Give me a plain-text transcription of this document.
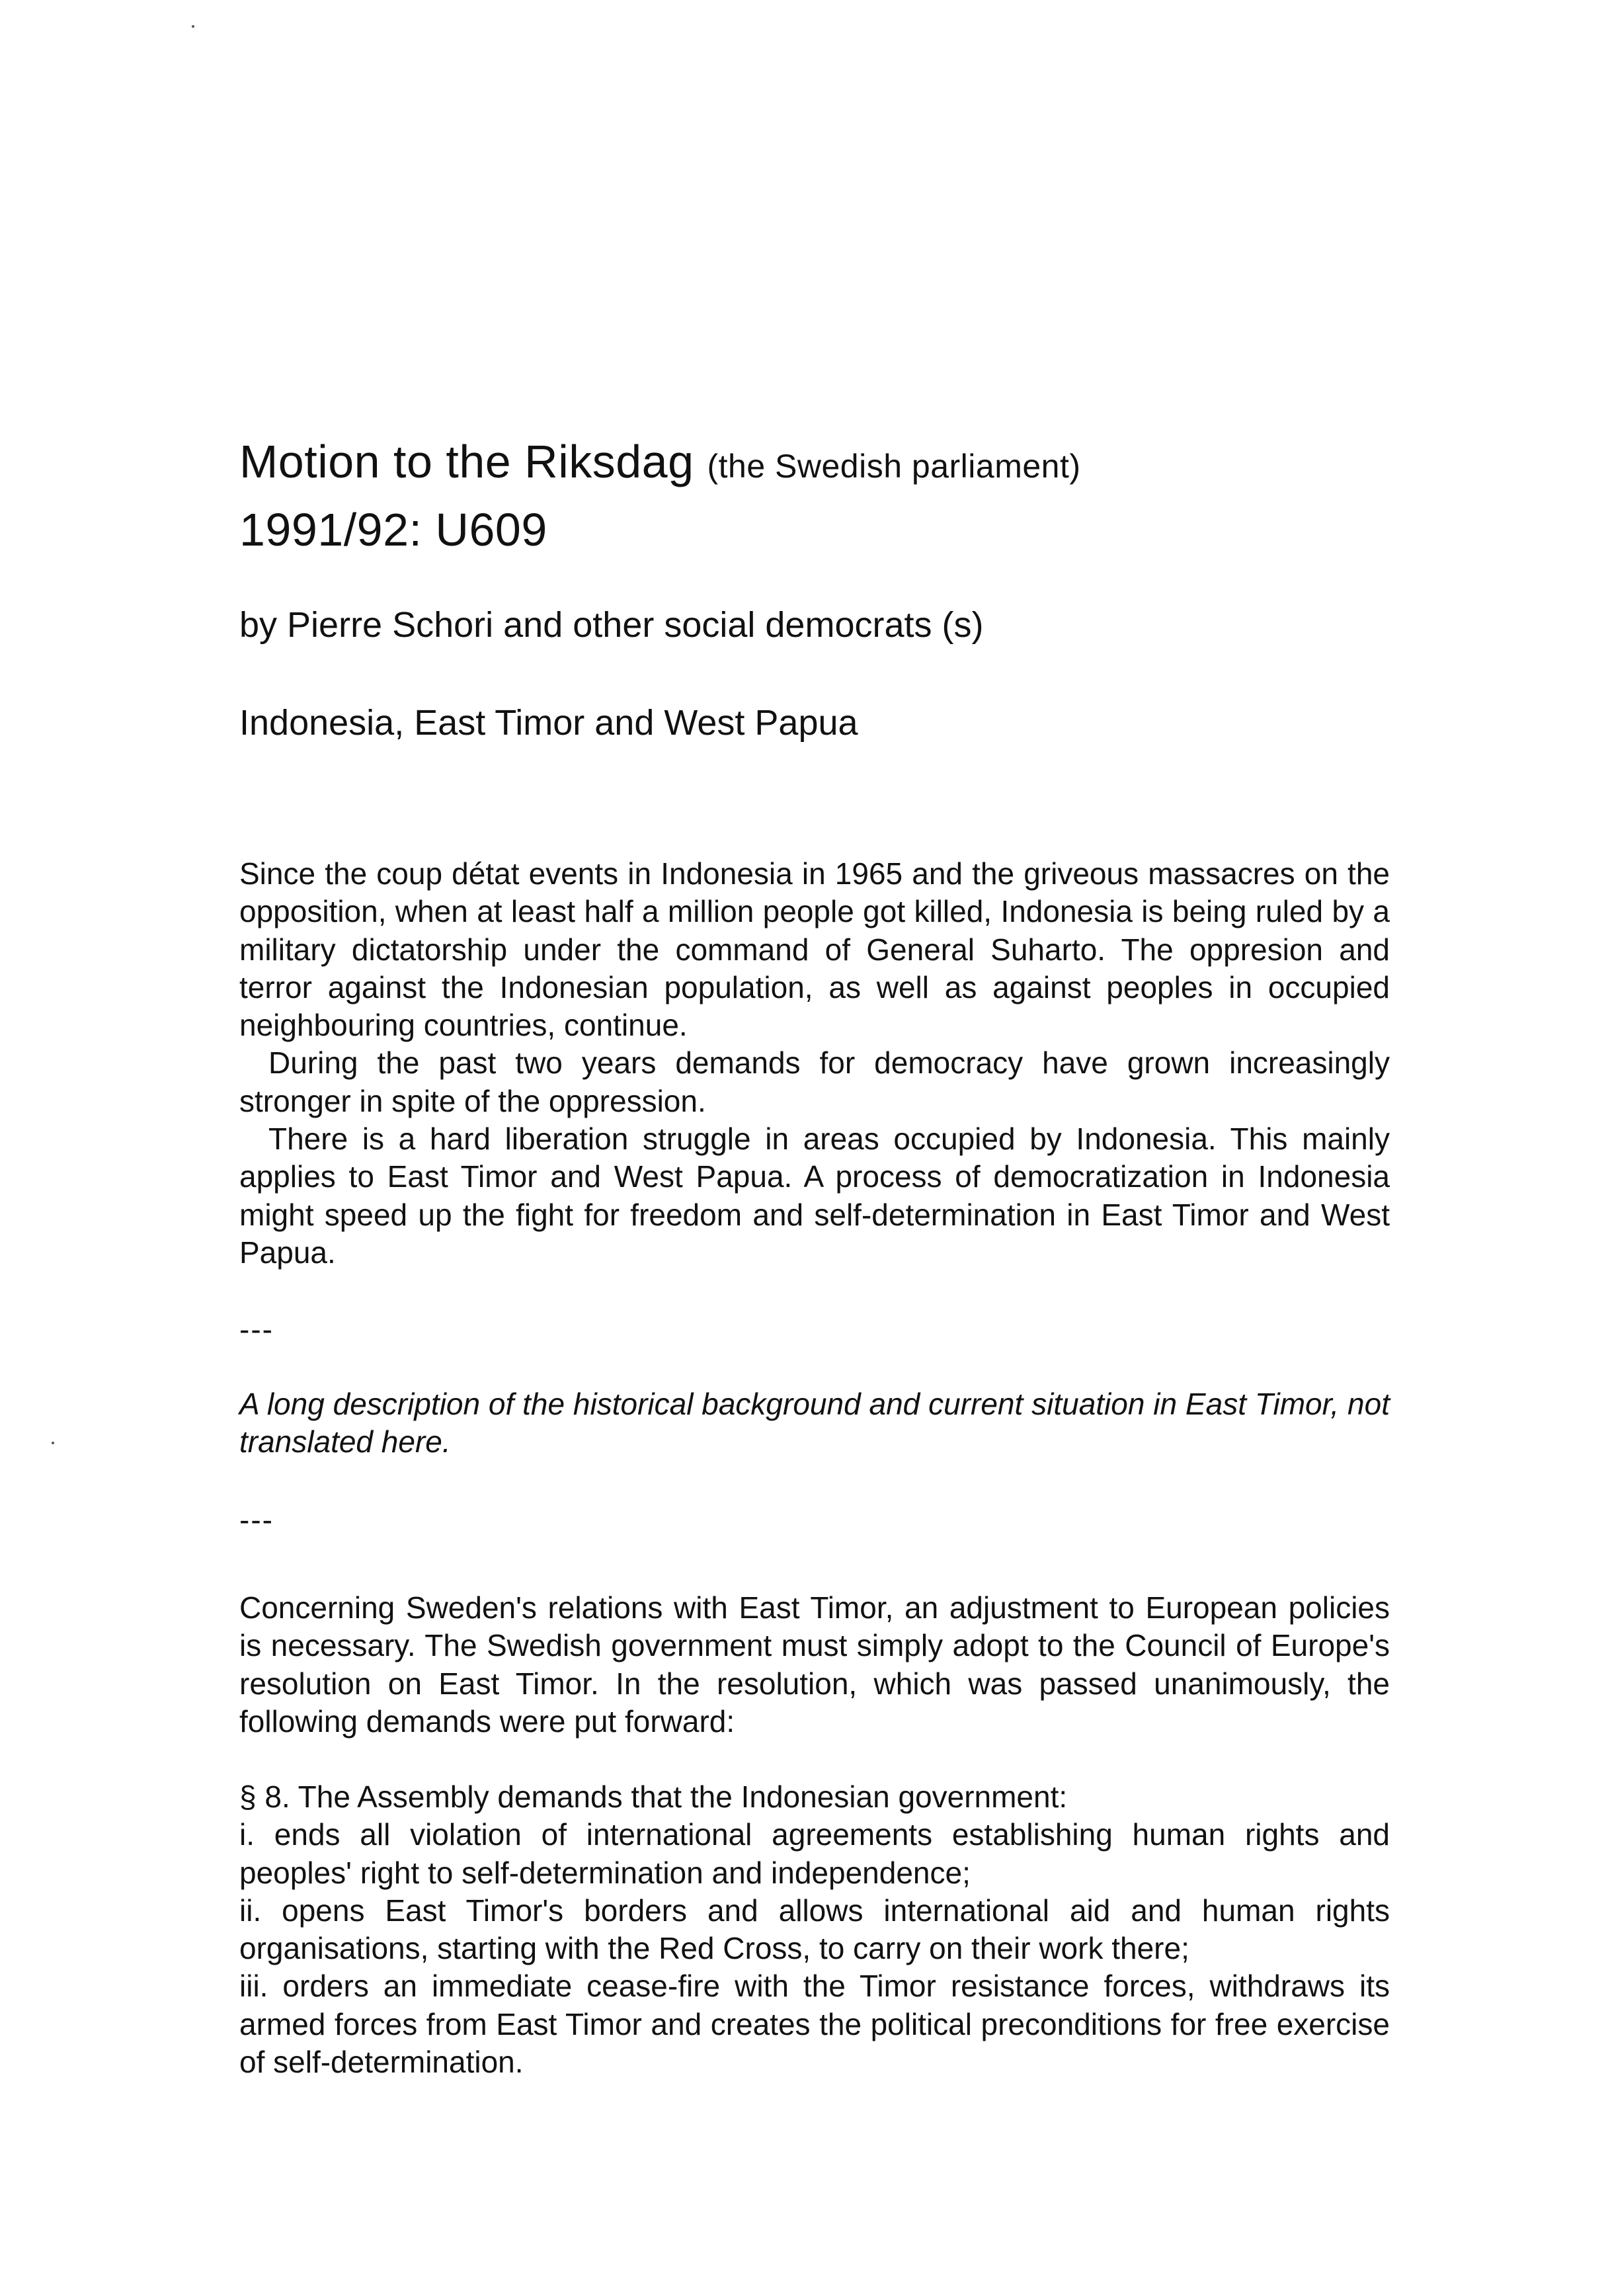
Motion to the Riksdag (the Swedish parliament)
1991/92: U609
by Pierre Schori and other social democrats (s)
Indonesia, East Timor and West Papua

Since the coup détat events in Indonesia in 1965 and the griveous massacres on the opposition, when at least half a million people got killed, Indonesia is being ruled by a military dictatorship under the command of General Suharto. The oppresion and terror against the Indonesian population, as well as against peoples in occupied neighbouring countries, continue.

During the past two years demands for democracy have grown increasingly stronger in spite of the oppression.

There is a hard liberation struggle in areas occupied by Indonesia. This mainly applies to East Timor and West Papua. A process of democratization in Indonesia might speed up the fight for freedom and self-determination in East Timor and West Papua.

---
A long description of the historical background and current situation in East Timor, not translated here.
---

Concerning Sweden's relations with East Timor, an adjustment to European policies is necessary. The Swedish government must simply adopt to the Council of Europe's resolution on East Timor. In the resolution, which was passed unanimously, the following demands were put forward:

§ 8. The Assembly demands that the Indonesian government:

i. ends all violation of international agreements establishing human rights and peoples' right to self-determination and independence;

ii. opens East Timor's borders and allows international aid and human rights organisations, starting with the Red Cross, to carry on their work there;

iii. orders an immediate cease-fire with the Timor resistance forces, withdraws its armed forces from East Timor and creates the political preconditions for free exercise of self-determination.
